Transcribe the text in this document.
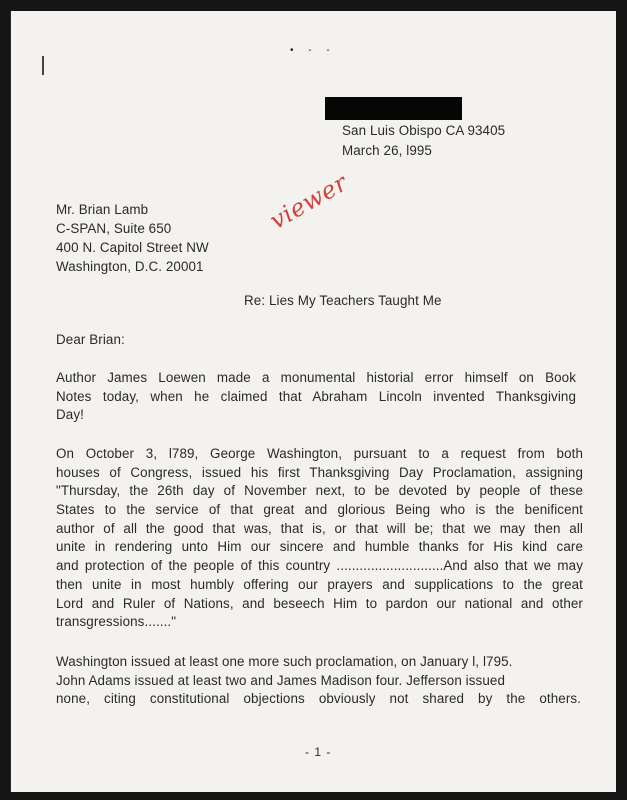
• - -
San Luis Obispo CA 93405
March 26, l995
Mr. Brian Lamb
C-SPAN, Suite 650
400 N. Capitol Street NW
Washington, D.C. 20001
viewer
Re: Lies My Teachers Taught Me
Dear Brian:
Author James Loewen made a monumental historial error himself on Book
Notes today, when he claimed that Abraham Lincoln invented Thanksgiving
Day!
On October 3, l789, George Washington, pursuant to a request from both
houses of Congress, issued his first Thanksgiving Day Proclamation, assigning
"Thursday, the 26th day of November next, to be devoted by people of these
States to the service of that great and glorious Being who is the benificent
author of all the good that was, that is, or that will be; that we may then all
unite in rendering unto Him our sincere and humble thanks for His kind care
and protection of the people of this country ............................And also that we may
then unite in most humbly offering our prayers and supplications to the great
Lord and Ruler of Nations, and beseech Him to pardon our national and other
transgressions......."
Washington issued at least one more such proclamation, on January l, l795.
John Adams issued at least two and James Madison four. Jefferson issued
none, citing constitutional objections obviously not shared by the others.
- 1 -
